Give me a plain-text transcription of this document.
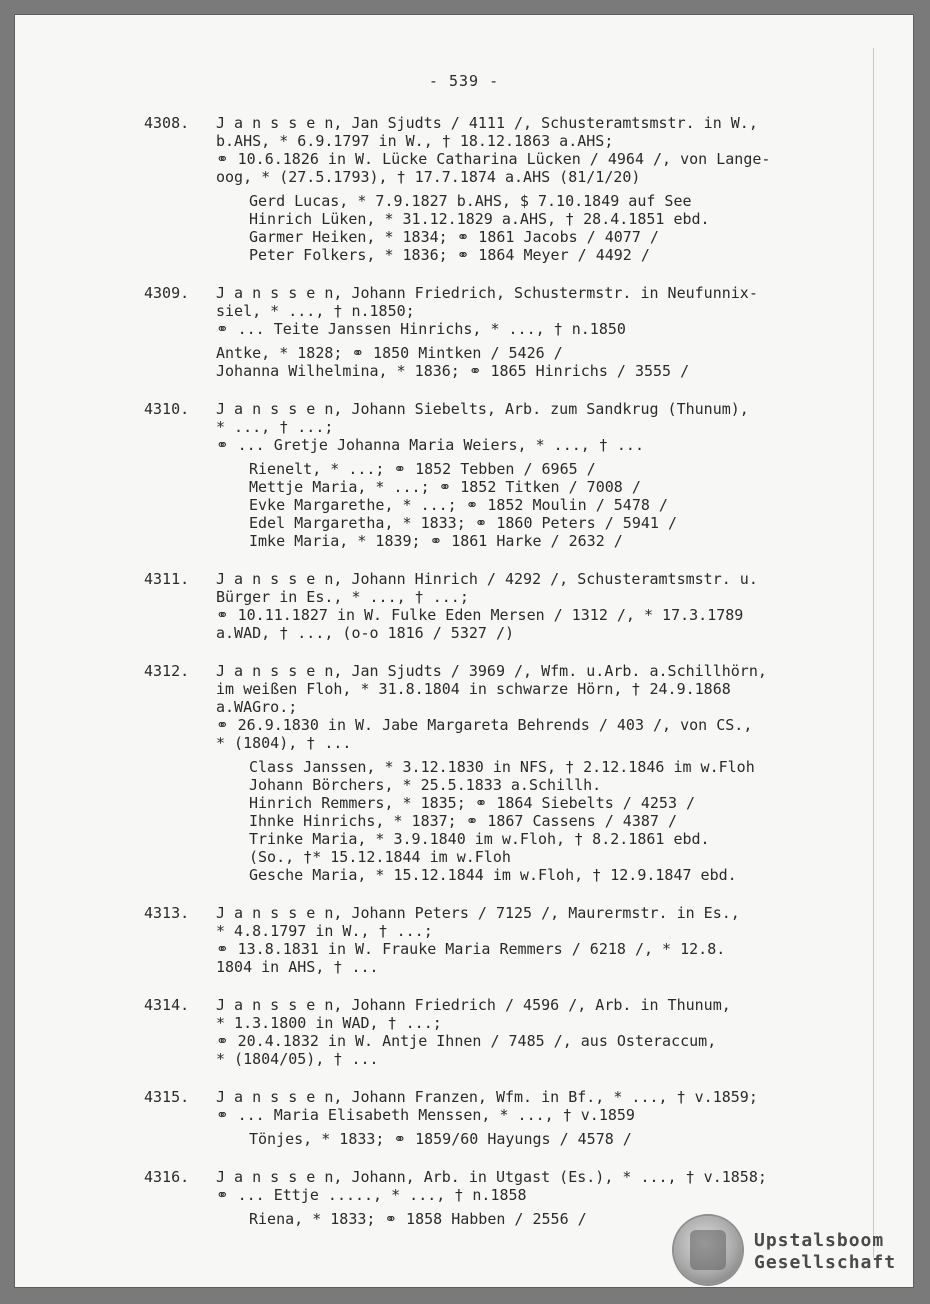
- 539 -
4308. J a n s s e n, Jan Sjudts / 4111 /, Schusteramtsmstr. in W.,
b.AHS, * 6.9.1797 in W., † 18.12.1863 a.AHS;
⚭ 10.6.1826 in W. Lücke Catharina Lücken / 4964 /, von Lange-
oog, * (27.5.1793), † 17.7.1874 a.AHS (81/1/20)
Gerd Lucas, * 7.9.1827 b.AHS, $ 7.10.1849 auf See
Hinrich Lüken, * 31.12.1829 a.AHS, † 28.4.1851 ebd.
Garmer Heiken, * 1834; ⚭ 1861 Jacobs / 4077 /
Peter Folkers, * 1836; ⚭ 1864 Meyer / 4492 /
4309. J a n s s e n, Johann Friedrich, Schustermstr. in Neufunnix-
siel, * ..., † n.1850;
⚭ ... Teite Janssen Hinrichs, * ..., † n.1850
Antke, * 1828; ⚭ 1850 Mintken / 5426 /
Johanna Wilhelmina, * 1836; ⚭ 1865 Hinrichs / 3555 /
4310. J a n s s e n, Johann Siebelts, Arb. zum Sandkrug (Thunum),
* ..., † ...;
⚭ ... Gretje Johanna Maria Weiers, * ..., † ...
Rienelt, * ...; ⚭ 1852 Tebben / 6965 /
Mettje Maria, * ...; ⚭ 1852 Titken / 7008 /
Evke Margarethe, * ...; ⚭ 1852 Moulin / 5478 /
Edel Margaretha, * 1833; ⚭ 1860 Peters / 5941 /
Imke Maria, * 1839; ⚭ 1861 Harke / 2632 /
4311. J a n s s e n, Johann Hinrich / 4292 /, Schusteramtsmstr. u.
Bürger in Es., * ..., † ...;
⚭ 10.11.1827 in W. Fulke Eden Mersen / 1312 /, * 17.3.1789
a.WAD, † ..., (o-o 1816 / 5327 /)
4312. J a n s s e n, Jan Sjudts / 3969 /, Wfm. u.Arb. a.Schillhörn,
im weißen Floh, * 31.8.1804 in schwarze Hörn, † 24.9.1868
a.WAGro.;
⚭ 26.9.1830 in W. Jabe Margareta Behrends / 403 /, von CS.,
* (1804), † ...
Class Janssen, * 3.12.1830 in NFS, † 2.12.1846 im w.Floh
Johann Börchers, * 25.5.1833 a.Schillh.
Hinrich Remmers, * 1835; ⚭ 1864 Siebelts / 4253 /
Ihnke Hinrichs, * 1837; ⚭ 1867 Cassens / 4387 /
Trinke Maria, * 3.9.1840 im w.Floh, † 8.2.1861 ebd.
(So., †* 15.12.1844 im w.Floh
Gesche Maria, * 15.12.1844 im w.Floh, † 12.9.1847 ebd.
4313. J a n s s e n, Johann Peters / 7125 /, Maurermstr. in Es.,
* 4.8.1797 in W., † ...;
⚭ 13.8.1831 in W. Frauke Maria Remmers / 6218 /, * 12.8.
1804 in AHS, † ...
4314. J a n s s e n, Johann Friedrich / 4596 /, Arb. in Thunum,
* 1.3.1800 in WAD, † ...;
⚭ 20.4.1832 in W. Antje Ihnen / 7485 /, aus Osteraccum,
* (1804/05), † ...
4315. J a n s s e n, Johann Franzen, Wfm. in Bf., * ..., † v.1859;
⚭ ... Maria Elisabeth Menssen, * ..., † v.1859
Tönjes, * 1833; ⚭ 1859/60 Hayungs / 4578 /
4316. J a n s s e n, Johann, Arb. in Utgast (Es.), * ..., † v.1858;
⚭ ... Ettje ....., * ..., † n.1858
Riena, * 1833; ⚭ 1858 Habben / 2556 /
Upstalsboom
Gesellschaft
